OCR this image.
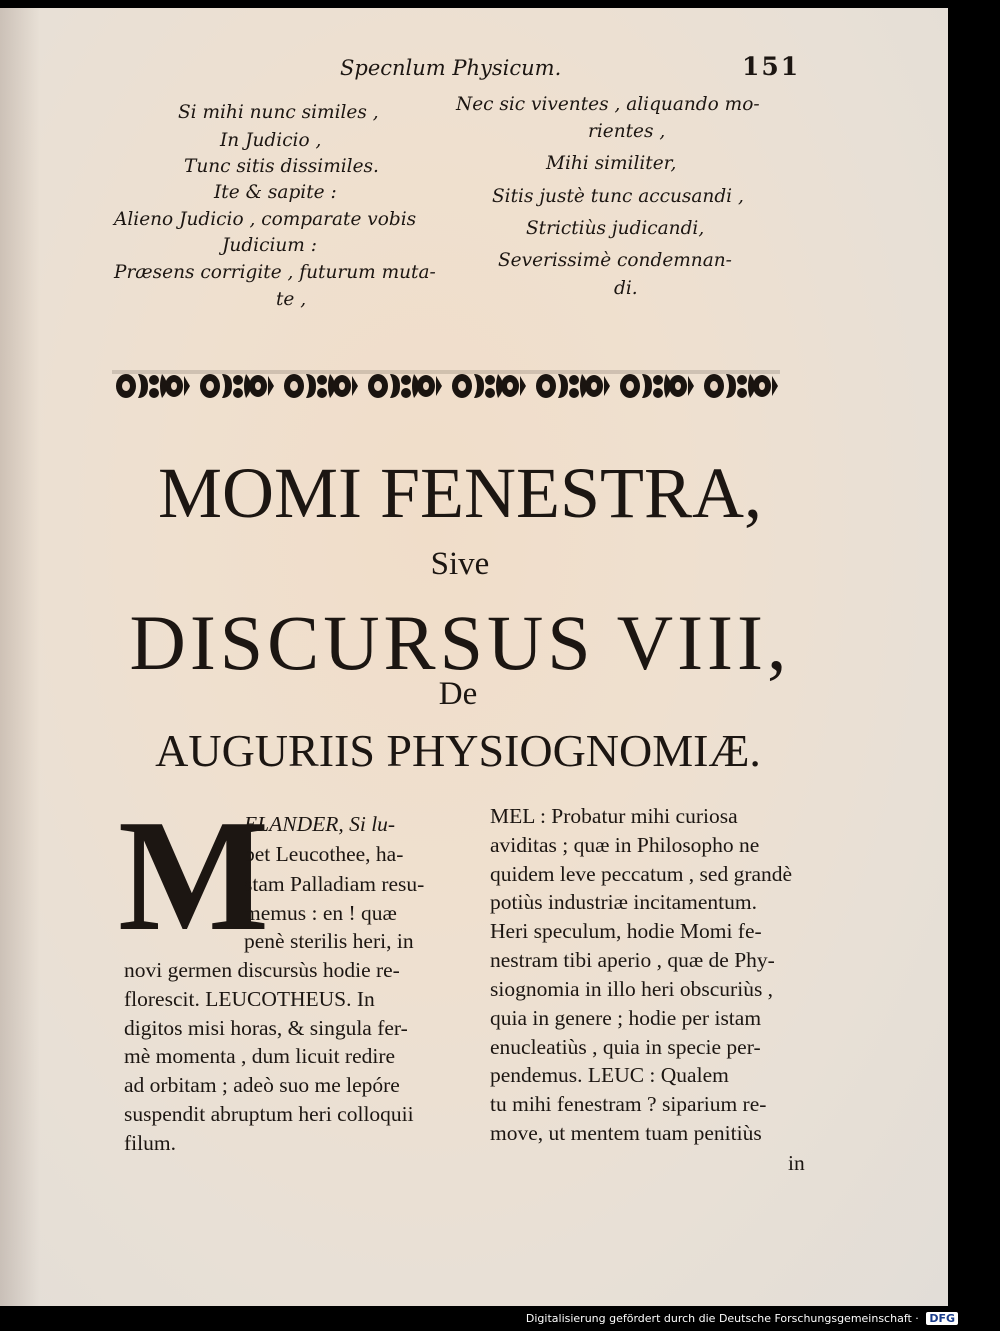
Specnlum Physicum.	151
Si mihi nunc similes ,
In Judicio ,
Tunc sitis dissimiles.
Ite & sapite :
Alieno Judicio , comparate vobis
Judicium :
Præsens corrigite , futurum muta-
te ,
Nec sic viventes , aliquando mo-
rientes ,
Mihi similiter,
Sitis justè tunc accusandi ,
Strictiùs judicandi,
Severissimè condemnan-
di.
MOMI FENESTRA,
Sive
DISCURSUS VIII,
De
AUGURIIS PHYSIOGNOMIÆ.
M
ELANDER, Si lu-
bet Leucothee, ha-
stam Palladiam resu-
memus : en ! quæ
penè sterilis heri, in
novi germen discursùs hodie re-
florescit. LEUCOTHEUS. In
digitos misi horas, & singula fer-
mè momenta , dum licuit redire
ad orbitam ; adeò suo me lepóre
suspendit abruptum heri colloquii
filum.
MEL : Probatur mihi curiosa
aviditas ; quæ in Philosopho ne
quidem leve peccatum , sed grandè
potiùs industriæ incitamentum.
Heri speculum, hodie Momi fe-
nestram tibi aperio , quæ de Phy-
siognomia in illo heri obscuriùs ,
quia in genere ; hodie per istam
enucleatiùs , quia in specie per-
pendemus. LEUC : Qualem
tu mihi fenestram ? siparium re-
move, ut mentem tuam penitiùs
in
Digitalisierung gefördert durch die Deutsche Forschungsgemeinschaft · DFG
